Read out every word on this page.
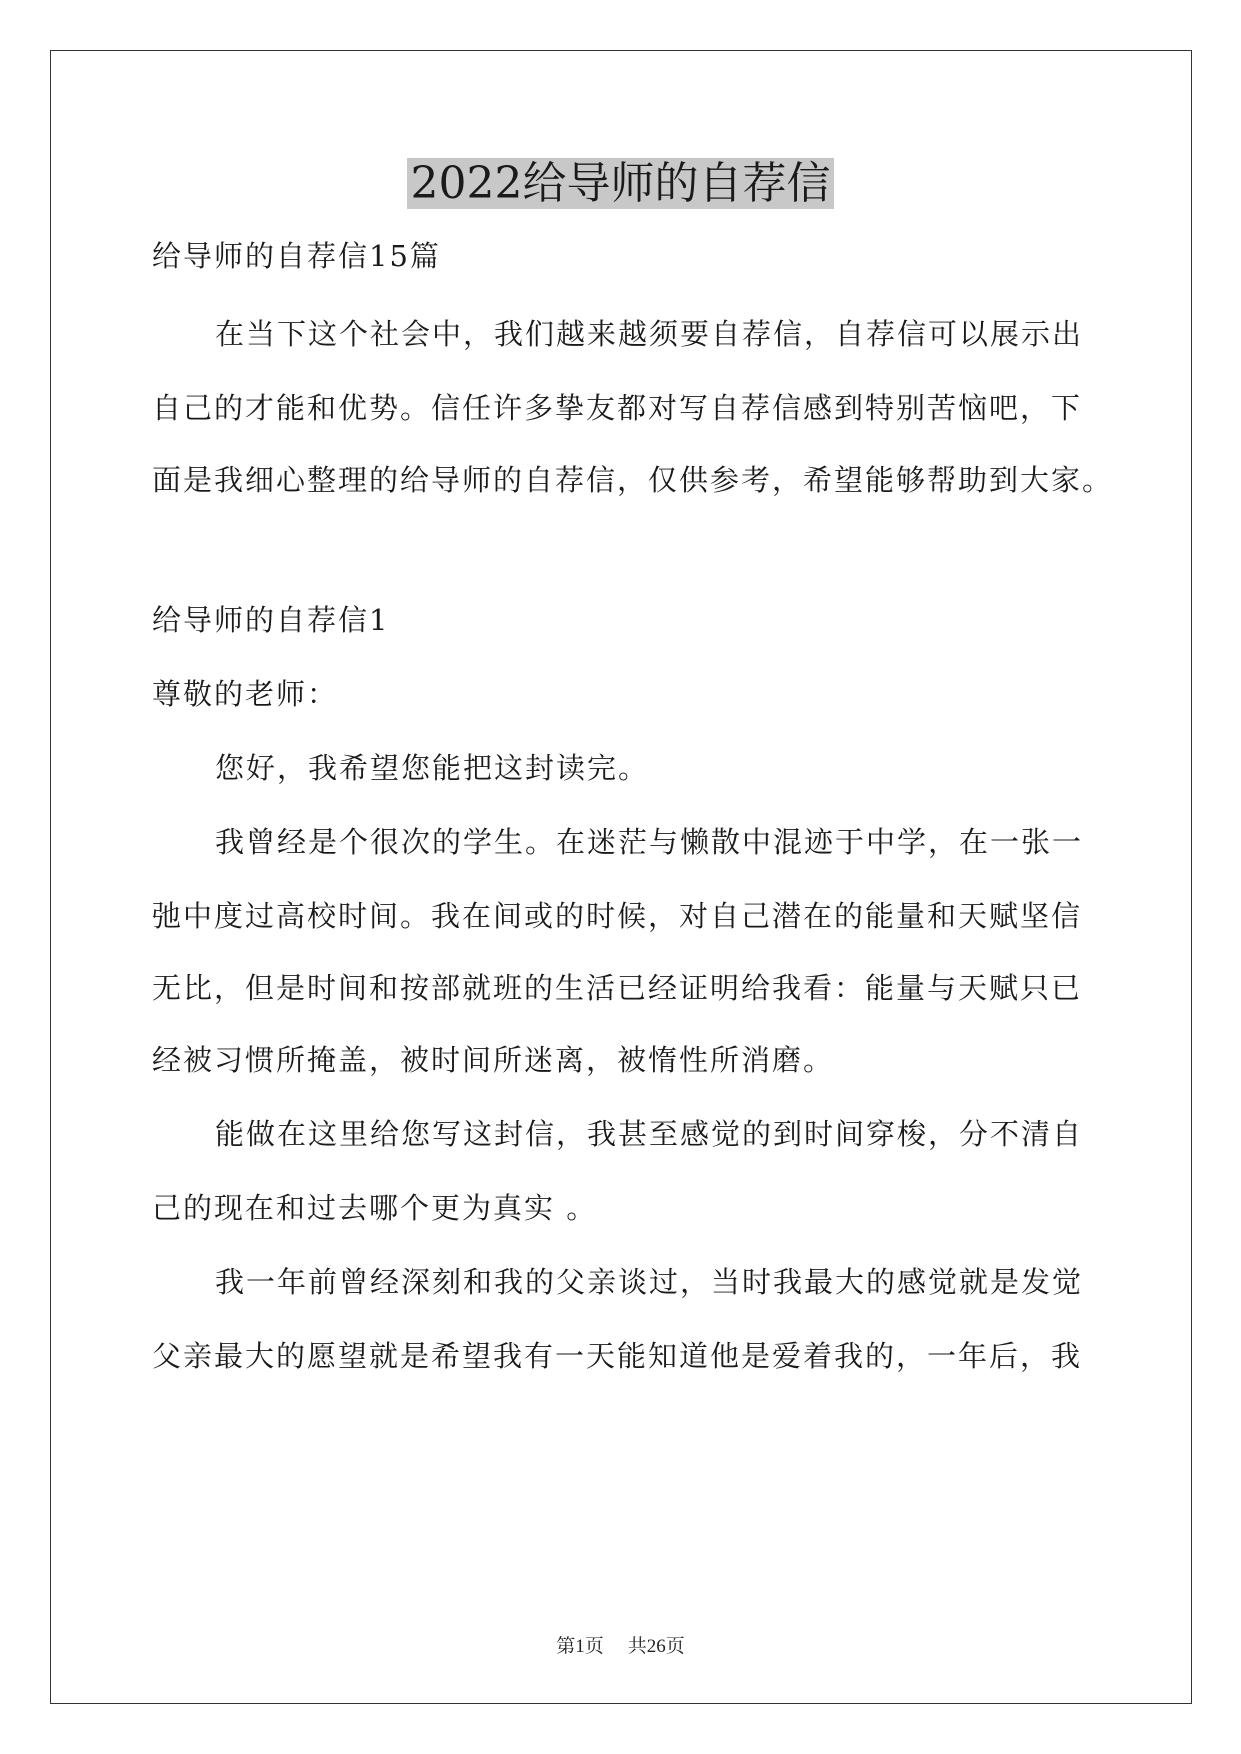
2022给导师的自荐信
给导师的自荐信15篇
在当下这个社会中，我们越来越须要自荐信，自荐信可以展示出
自己的才能和优势。信任许多挚友都对写自荐信感到特别苦恼吧，下
面是我细心整理的给导师的自荐信，仅供参考，希望能够帮助到大家。
给导师的自荐信1
尊敬的老师：
您好，我希望您能把这封读完。
我曾经是个很次的学生。在迷茫与懒散中混迹于中学，在一张一
弛中度过高校时间。我在间或的时候，对自己潜在的能量和天赋坚信
无比，但是时间和按部就班的生活已经证明给我看：能量与天赋只已
经被习惯所掩盖，被时间所迷离，被惰性所消磨。
能做在这里给您写这封信，我甚至感觉的到时间穿梭，分不清自
己的现在和过去哪个更为真实 。
我一年前曾经深刻和我的父亲谈过，当时我最大的感觉就是发觉
父亲最大的愿望就是希望我有一天能知道他是爱着我的，一年后，我
第1页 共26页
